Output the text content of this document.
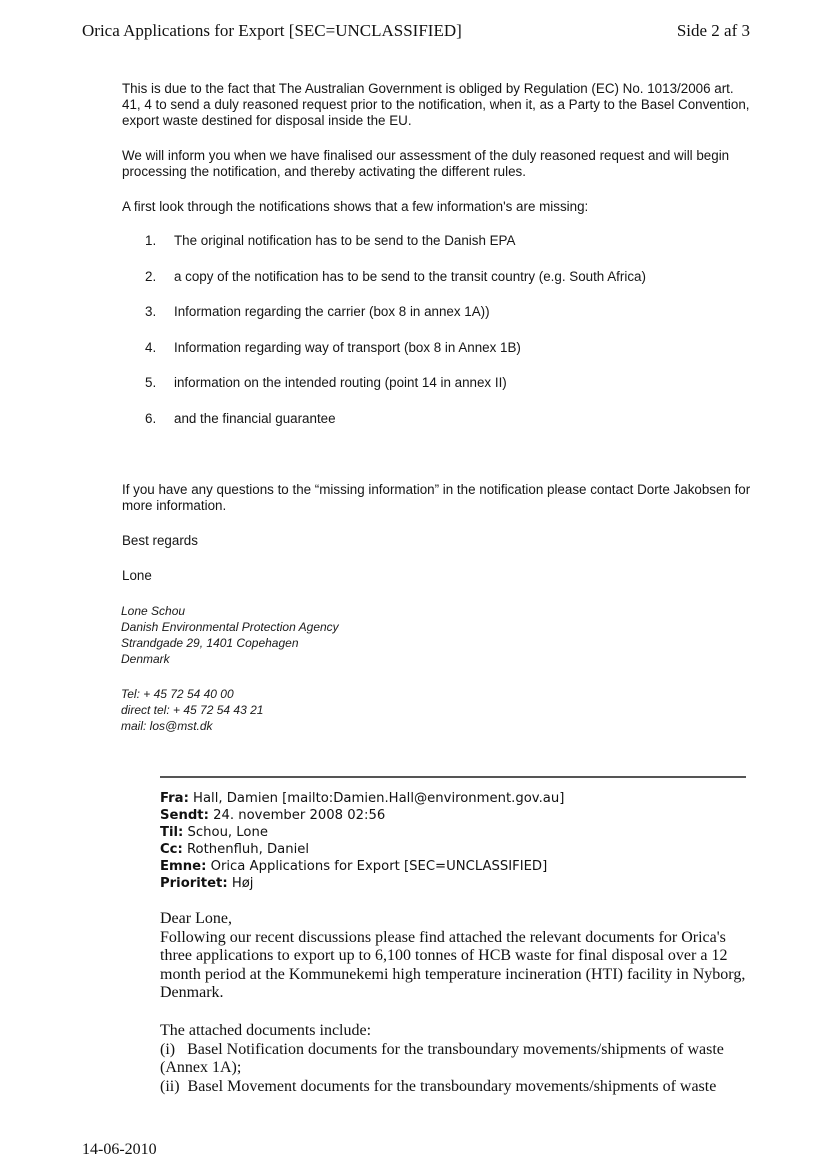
Orica Applications for Export [SEC=UNCLASSIFIED]	Side 2 af 3

This is due to the fact that The Australian Government is obliged by Regulation (EC) No. 1013/2006 art. 41, 4 to send a duly reasoned request prior to the notification, when it, as a Party to the Basel Convention, export waste destined for disposal inside the EU.

We will inform you when we have finalised our assessment of the duly reasoned request and will begin processing the notification, and thereby activating the different rules.

A first look through the notifications shows that a few information's are missing:

1. The original notification has to be send to the Danish EPA
2. a copy of the notification has to be send to the transit country (e.g. South Africa)
3. Information regarding the carrier (box 8 in annex 1A))
4. Information regarding way of transport (box 8 in Annex 1B)
5. information on the intended routing (point 14 in annex II)
6. and the financial guarantee

If you have any questions to the “missing information” in the notification please contact Dorte Jakobsen for more information.

Best regards

Lone

Lone Schou
Danish Environmental Protection Agency
Strandgade 29, 1401 Copehagen
Denmark
Tel: + 45 72 54 40 00
direct tel: + 45 72 54 43 21
mail: los@mst.dk
Fra: Hall, Damien [mailto:Damien.Hall@environment.gov.au]
Sendt: 24. november 2008 02:56
Til: Schou, Lone
Cc: Rothenfluh, Daniel
Emne: Orica Applications for Export [SEC=UNCLASSIFIED]
Prioritet: Høj

Dear Lone,

Following our recent discussions please find attached the relevant documents for Orica's three applications to export up to 6,100 tonnes of HCB waste for final disposal over a 12 month period at the Kommunekemi high temperature incineration (HTI) facility in Nyborg, Denmark.

The attached documents include:

(i)   Basel Notification documents for the transboundary movements/shipments of waste (Annex 1A);

(ii)  Basel Movement documents for the transboundary movements/shipments of waste

14-06-2010
